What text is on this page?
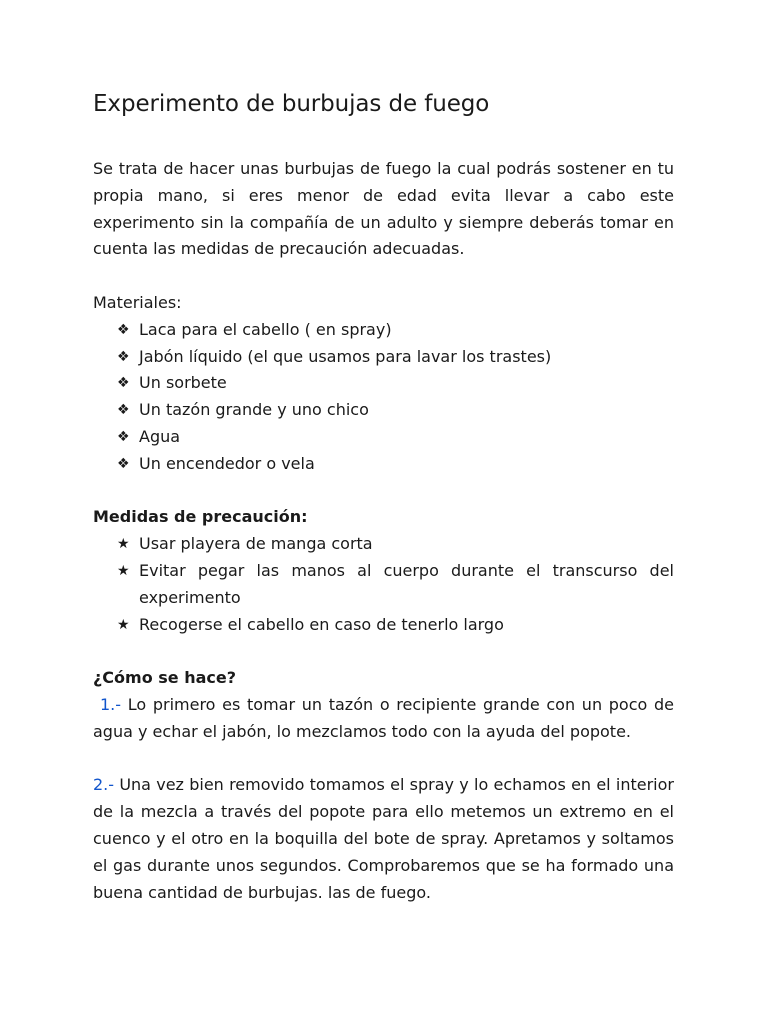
Experimento de burbujas de fuego

Se trata de hacer unas burbujas de fuego la cual podrás sostener en tu propia mano, si eres menor de edad evita llevar a cabo este experimento sin la compañía de un adulto y siempre deberás tomar en cuenta las medidas de precaución adecuadas.

Materiales:

❖ Laca para el cabello ( en spray)
❖ Jabón líquido (el que usamos para lavar los trastes)
❖ Un sorbete
❖ Un tazón grande y uno chico
❖ Agua
❖ Un encendedor o vela

Medidas de precaución:

★ Usar playera de manga corta
★ Evitar pegar las manos al cuerpo durante el transcurso del experimento
★ Recogerse el cabello en caso de tenerlo largo

¿Cómo se hace?

1.- Lo primero es tomar un tazón o recipiente grande con un poco de agua y echar el jabón, lo mezclamos todo con la ayuda del popote.

2.- Una vez bien removido tomamos el spray y lo echamos en el interior de la mezcla a través del popote para ello metemos un extremo en el cuenco y el otro en la boquilla del bote de spray. Apretamos y soltamos el gas durante unos segundos. Comprobaremos que se ha formado una buena cantidad de burbujas. las de fuego.
